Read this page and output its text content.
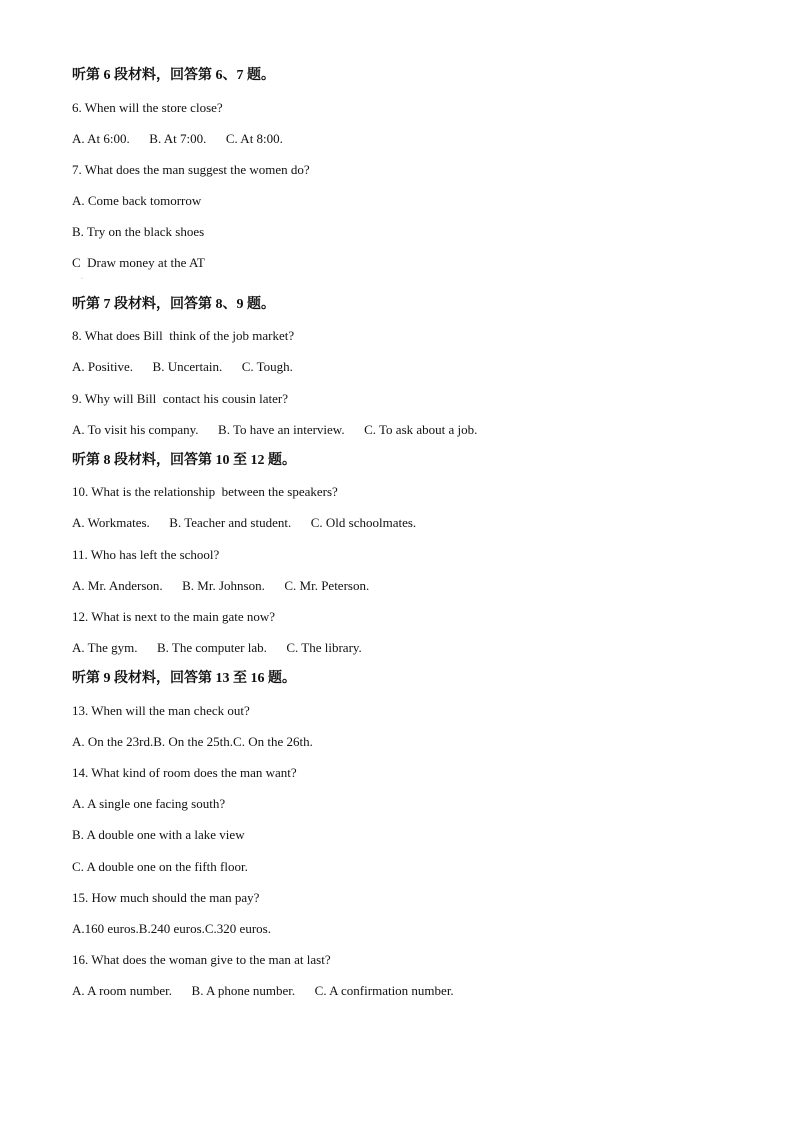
听第 6 段材料，回答第 6、7 题。
6. When will the store close?
A. At 6:00.      B. At 7:00.      C. At 8:00.
7. What does the man suggest the women do?
A. Come back tomorrow
B. Try on the black shoes
C  Draw money at the AT
·
听第 7 段材料，回答第 8、9 题。
8. What does Bill  think of the job market?
A. Positive.      B. Uncertain.      C. Tough.
9. Why will Bill  contact his cousin later?
A. To visit his company.      B. To have an interview.      C. To ask about a job.
听第 8 段材料，回答第 10 至 12 题。
10. What is the relationship  between the speakers?
A. Workmates.      B. Teacher and student.      C. Old schoolmates.
11. Who has left the school?
A. Mr. Anderson.      B. Mr. Johnson.      C. Mr. Peterson.
12. What is next to the main gate now?
A. The gym.      B. The computer lab.      C. The library.
听第 9 段材料，回答第 13 至 16 题。
13. When will the man check out?
A. On the 23rd.B. On the 25th.C. On the 26th.
14. What kind of room does the man want?
A. A single one facing south?
B. A double one with a lake view
C. A double one on the fifth floor.
15. How much should the man pay?
A.160 euros.B.240 euros.C.320 euros.
16. What does the woman give to the man at last?
A. A room number.      B. A phone number.      C. A confirmation number.
